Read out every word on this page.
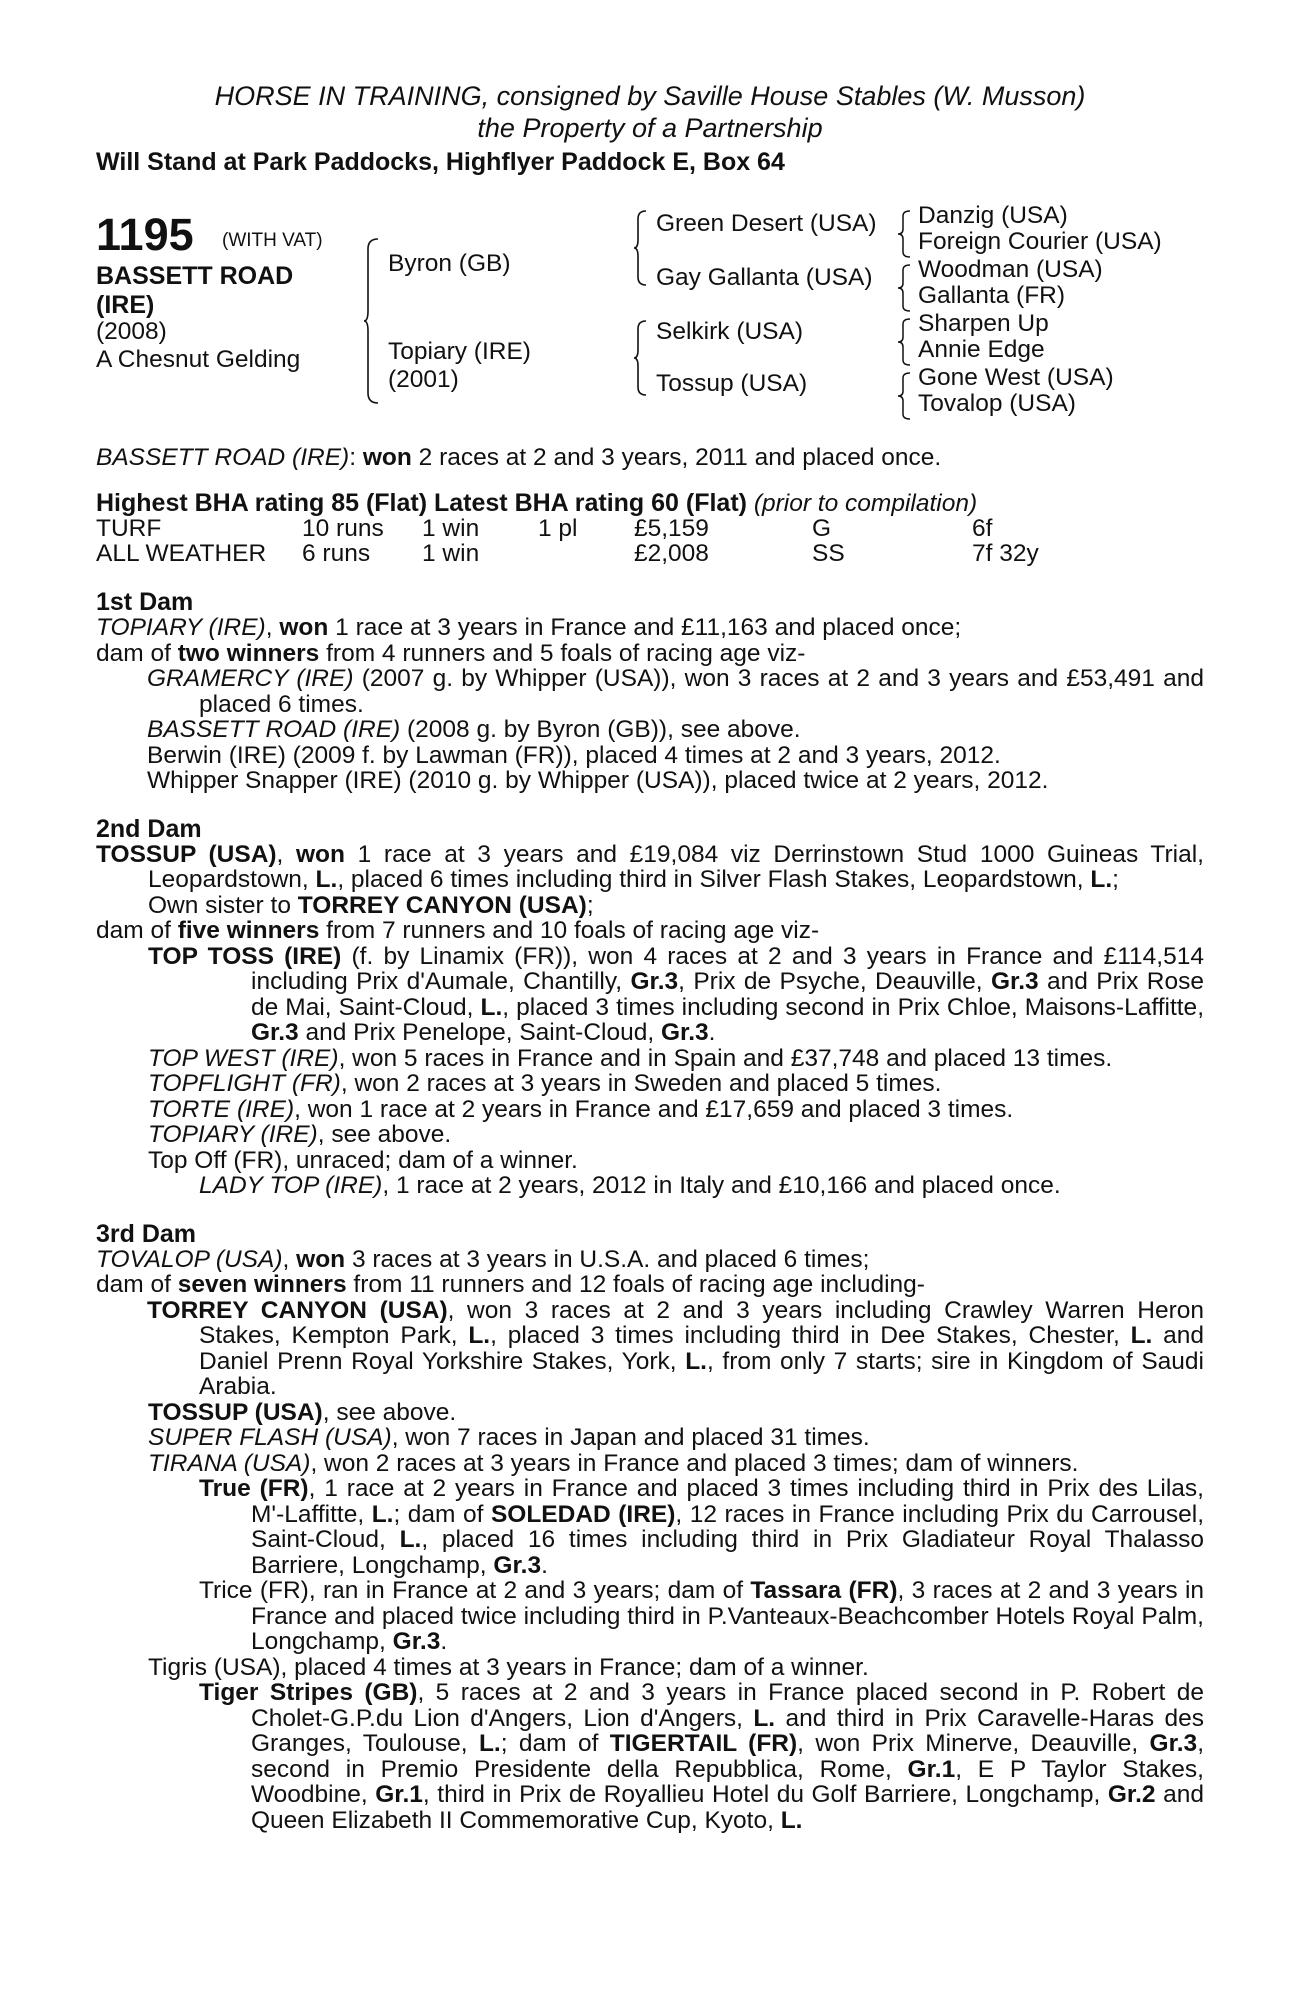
HORSE IN TRAINING, consigned by Saville House Stables (W. Musson)
the Property of a Partnership
Will Stand at Park Paddocks, Highflyer Paddock E, Box 64
1195 (WITH VAT)
BASSETT ROAD
(IRE)
(2008)
A Chesnut Gelding
Byron (GB)
Topiary (IRE)
(2001)
Green Desert (USA)
Gay Gallanta (USA)
Selkirk (USA)
Tossup (USA)
Danzig (USA)
Foreign Courier (USA)
Woodman (USA)
Gallanta (FR)
Sharpen Up
Annie Edge
Gone West (USA)
Tovalop (USA)

BASSETT ROAD (IRE): won 2 races at 2 and 3 years, 2011 and placed once.

Highest BHA rating 85 (Flat) Latest BHA rating 60 (Flat) (prior to compilation)

TURF	10 runs 1 win 1 pl £5,159	G	6f
ALL WEATHER 6 runs 1 win	£2,008	SS	7f 32y
1st Dam

TOPIARY (IRE), won 1 race at 3 years in France and £11,163 and placed once;

dam of two winners from 4 runners and 5 foals of racing age viz-

GRAMERCY (IRE) (2007 g. by Whipper (USA)), won 3 races at 2 and 3 years and £53,491 and placed 6 times.

BASSETT ROAD (IRE) (2008 g. by Byron (GB)), see above.

Berwin (IRE) (2009 f. by Lawman (FR)), placed 4 times at 2 and 3 years, 2012.

Whipper Snapper (IRE) (2010 g. by Whipper (USA)), placed twice at 2 years, 2012.

2nd Dam

TOSSUP (USA), won 1 race at 3 years and £19,084 viz Derrinstown Stud 1000 Guineas Trial, Leopardstown, L., placed 6 times including third in Silver Flash Stakes, Leopardstown, L.;
Own sister to TORREY CANYON (USA);

dam of five winners from 7 runners and 10 foals of racing age viz-

TOP TOSS (IRE) (f. by Linamix (FR)), won 4 races at 2 and 3 years in France and £114,514 including Prix d'Aumale, Chantilly, Gr.3, Prix de Psyche, Deauville, Gr.3 and Prix Rose de Mai, Saint-Cloud, L., placed 3 times including second in Prix Chloe, Maisons-Laffitte, Gr.3 and Prix Penelope, Saint-Cloud, Gr.3.

TOP WEST (IRE), won 5 races in France and in Spain and £37,748 and placed 13 times.

TOPFLIGHT (FR), won 2 races at 3 years in Sweden and placed 5 times.

TORTE (IRE), won 1 race at 2 years in France and £17,659 and placed 3 times.

TOPIARY (IRE), see above.

Top Off (FR), unraced; dam of a winner.

LADY TOP (IRE), 1 race at 2 years, 2012 in Italy and £10,166 and placed once.

3rd Dam

TOVALOP (USA), won 3 races at 3 years in U.S.A. and placed 6 times;

dam of seven winners from 11 runners and 12 foals of racing age including-

TORREY CANYON (USA), won 3 races at 2 and 3 years including Crawley Warren Heron Stakes, Kempton Park, L., placed 3 times including third in Dee Stakes, Chester, L. and Daniel Prenn Royal Yorkshire Stakes, York, L., from only 7 starts; sire in Kingdom of Saudi Arabia.

TOSSUP (USA), see above.

SUPER FLASH (USA), won 7 races in Japan and placed 31 times.

TIRANA (USA), won 2 races at 3 years in France and placed 3 times; dam of winners.

True (FR), 1 race at 2 years in France and placed 3 times including third in Prix des Lilas, M'-Laffitte, L.; dam of SOLEDAD (IRE), 12 races in France including Prix du Carrousel, Saint-Cloud, L., placed 16 times including third in Prix Gladiateur Royal Thalasso Barriere, Longchamp, Gr.3.

Trice (FR), ran in France at 2 and 3 years; dam of Tassara (FR), 3 races at 2 and 3 years in France and placed twice including third in P.Vanteaux-Beachcomber Hotels Royal Palm, Longchamp, Gr.3.

Tigris (USA), placed 4 times at 3 years in France; dam of a winner.

Tiger Stripes (GB), 5 races at 2 and 3 years in France placed second in P. Robert de Cholet-G.P.du Lion d'Angers, Lion d'Angers, L. and third in Prix Caravelle-Haras des Granges, Toulouse, L.; dam of TIGERTAIL (FR), won Prix Minerve, Deauville, Gr.3, second in Premio Presidente della Repubblica, Rome, Gr.1, E P Taylor Stakes, Woodbine, Gr.1, third in Prix de Royallieu Hotel du Golf Barriere, Longchamp, Gr.2 and Queen Elizabeth II Commemorative Cup, Kyoto, L.
